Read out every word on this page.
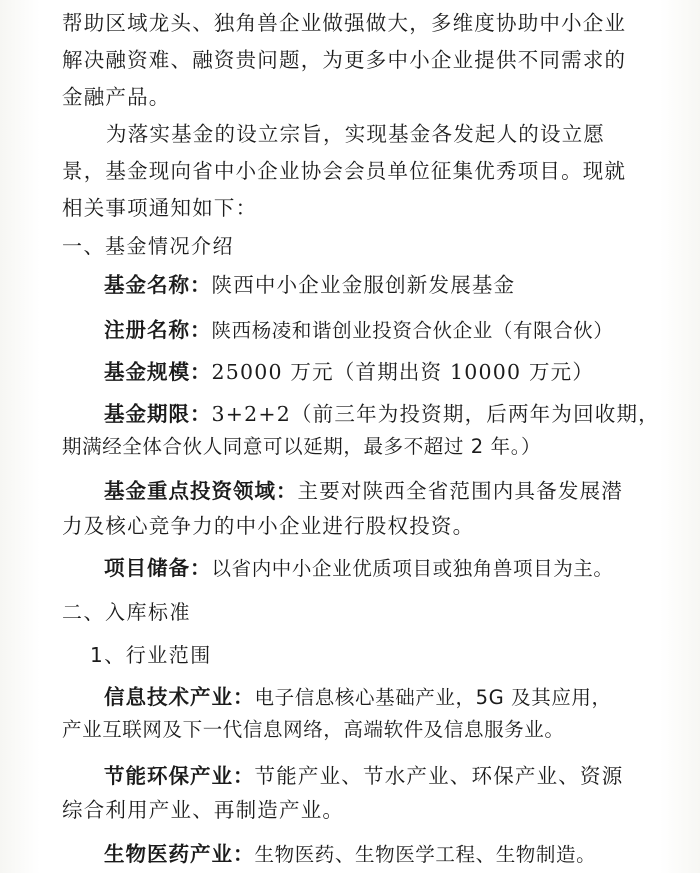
帮助区域龙头、独角兽企业做强做大，多维度协助中小企业
解决融资难、融资贵问题，为更多中小企业提供不同需求的
金融产品。
为落实基金的设立宗旨，实现基金各发起人的设立愿
景，基金现向省中小企业协会会员单位征集优秀项目。现就
相关事项通知如下：
一、基金情况介绍
基金名称：陕西中小企业金服创新发展基金
注册名称：陕西杨凌和谐创业投资合伙企业（有限合伙）
基金规模：25000 万元（首期出资 10000 万元）
基金期限：3+2+2（前三年为投资期，后两年为回收期，
期满经全体合伙人同意可以延期，最多不超过 2 年。）
基金重点投资领域：主要对陕西全省范围内具备发展潜
力及核心竞争力的中小企业进行股权投资。
项目储备：以省内中小企业优质项目或独角兽项目为主。
二、入库标准
1、行业范围
信息技术产业：电子信息核心基础产业，5G 及其应用，
产业互联网及下一代信息网络，高端软件及信息服务业。
节能环保产业：节能产业、节水产业、环保产业、资源
综合利用产业、再制造产业。
生物医药产业：生物医药、生物医学工程、生物制造。
